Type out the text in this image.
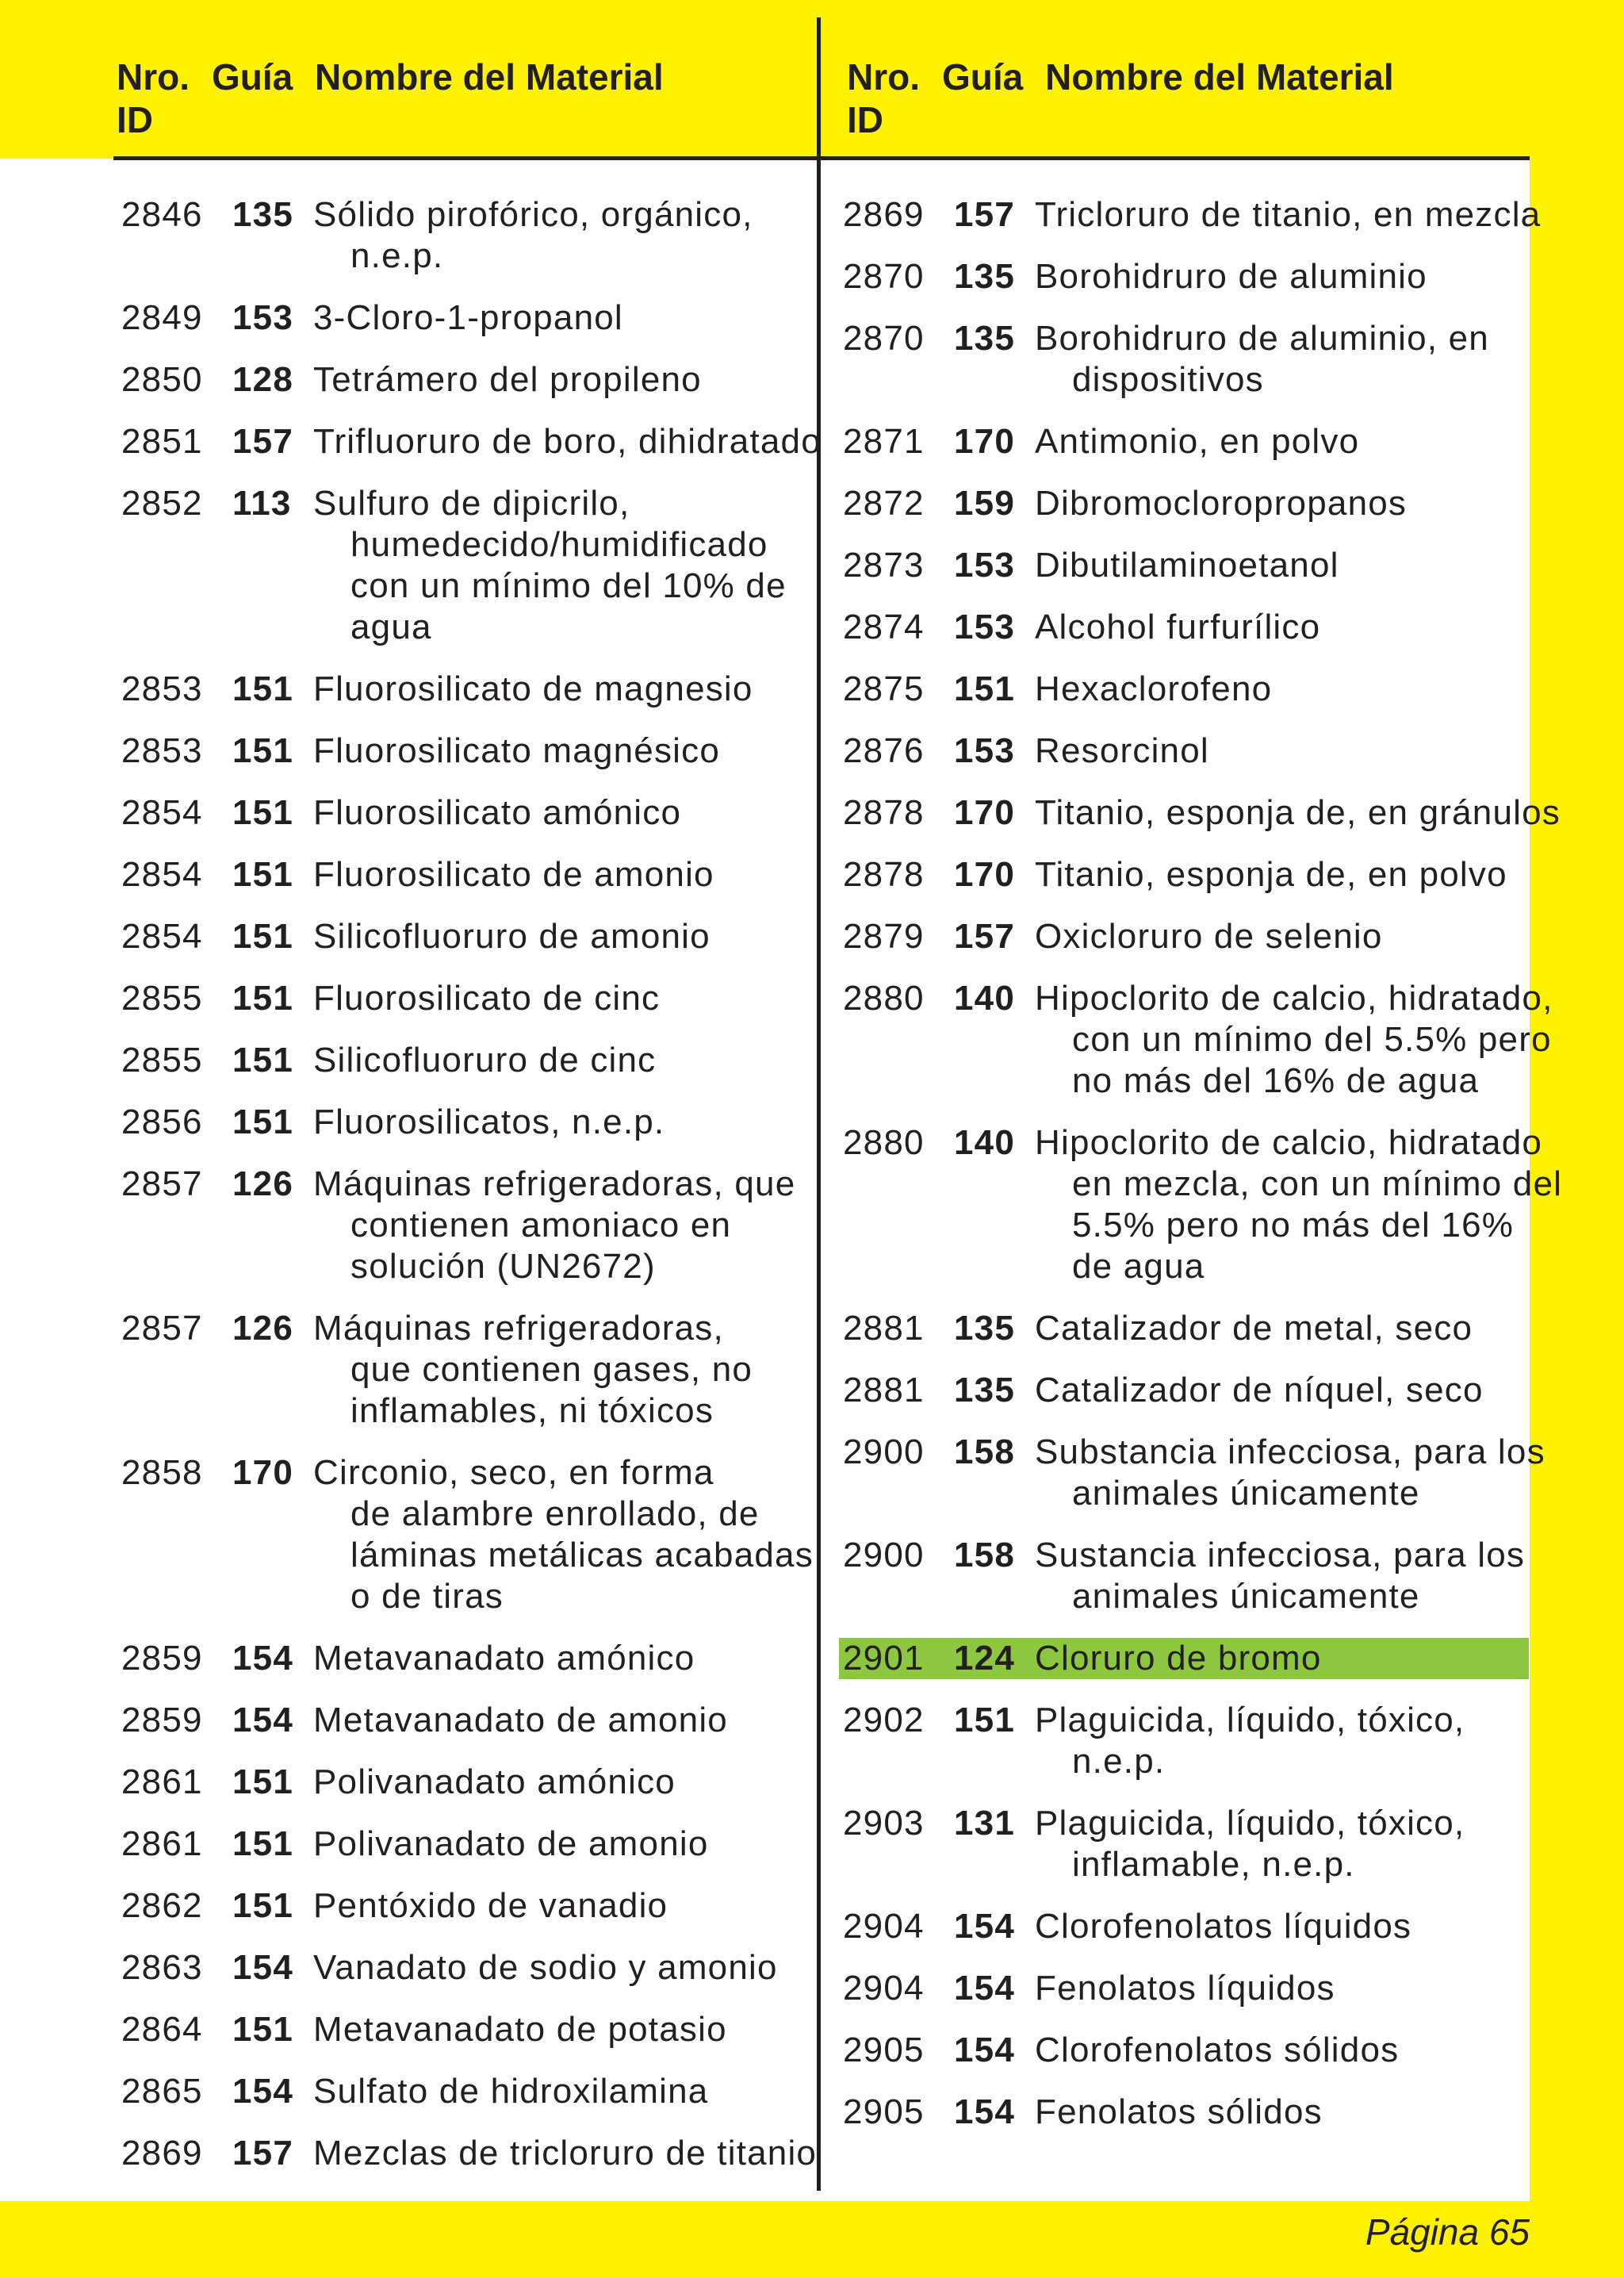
Nro. ID
Guía Nombre del Material	Nro. ID
Guía Nombre del Material
2846 135 Sólido pirofórico, orgánico,
n.e.p.
2849 153 3-Cloro-1-propanol
2850 128 Tetrámero del propileno
2851 157 Trifluoruro de boro, dihidratado
2852 113 Sulfuro de dipicrilo,
humedecido/humidificado
con un mínimo del 10% de
agua
2853 151 Fluorosilicato de magnesio
2853 151 Fluorosilicato magnésico
2854 151 Fluorosilicato amónico
2854 151 Fluorosilicato de amonio
2854 151 Silicofluoruro de amonio
2855 151 Fluorosilicato de cinc
2855 151 Silicofluoruro de cinc
2856 151 Fluorosilicatos, n.e.p.
2857 126 Máquinas refrigeradoras, que
contienen amoniaco en
solución (UN2672)
2857 126 Máquinas refrigeradoras,
que contienen gases, no
inflamables, ni tóxicos
2858 170 Circonio, seco, en forma
de alambre enrollado, de
láminas metálicas acabadas
o de tiras
2859 154 Metavanadato amónico
2859 154 Metavanadato de amonio
2861 151 Polivanadato amónico
2861 151 Polivanadato de amonio
2862 151 Pentóxido de vanadio
2863 154 Vanadato de sodio y amonio
2864 151 Metavanadato de potasio
2865 154 Sulfato de hidroxilamina
2869 157 Mezclas de tricloruro de titanio
2869 157 Tricloruro de titanio, en mezcla
2870 135 Borohidruro de aluminio
2870 135 Borohidruro de aluminio, en
dispositivos
2871 170 Antimonio, en polvo
2872 159 Dibromocloropropanos
2873 153 Dibutilaminoetanol
2874 153 Alcohol furfurílico
2875 151 Hexaclorofeno
2876 153 Resorcinol
2878 170 Titanio, esponja de, en gránulos
2878 170 Titanio, esponja de, en polvo
2879 157 Oxicloruro de selenio
2880 140 Hipoclorito de calcio, hidratado,
con un mínimo del 5.5% pero
no más del 16% de agua
2880 140 Hipoclorito de calcio, hidratado
en mezcla, con un mínimo del
5.5% pero no más del 16%
de agua
2881 135 Catalizador de metal, seco
2881 135 Catalizador de níquel, seco
2900 158 Substancia infecciosa, para los
animales únicamente
2900 158 Sustancia infecciosa, para los
animales únicamente
2901 124 Cloruro de bromo
2902 151 Plaguicida, líquido, tóxico,
n.e.p.
2903 131 Plaguicida, líquido, tóxico,
inflamable, n.e.p.
2904 154 Clorofenolatos líquidos
2904 154 Fenolatos líquidos
2905 154 Clorofenolatos sólidos
2905 154 Fenolatos sólidos
Página 65
